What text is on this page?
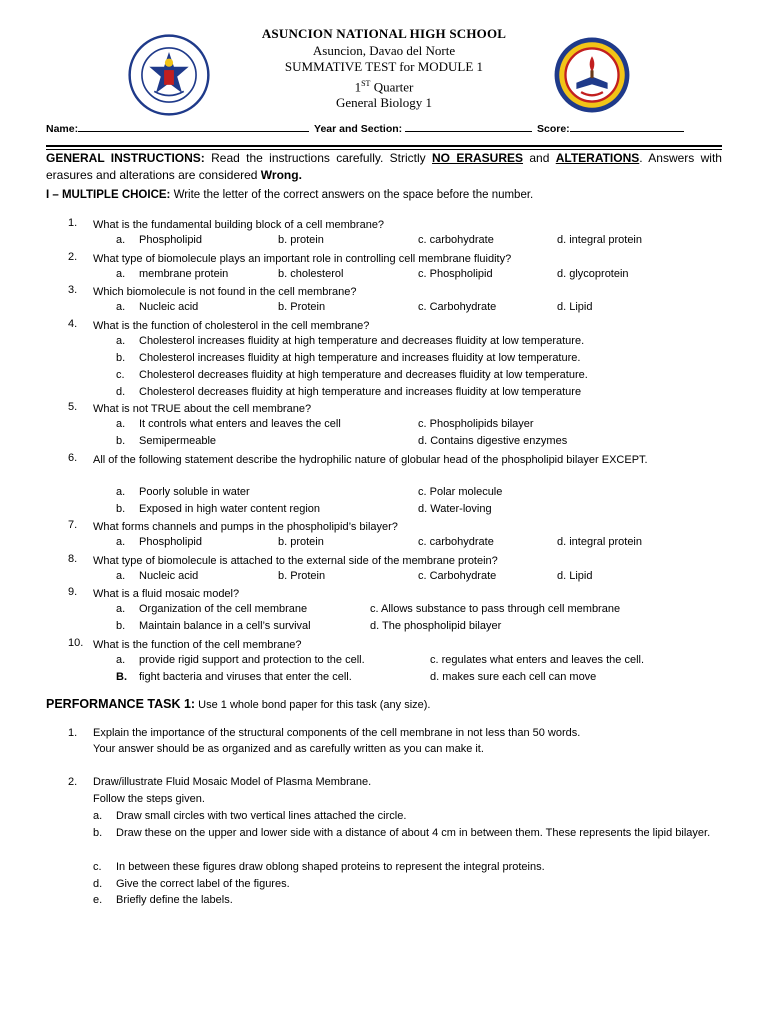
ASUNCION NATIONAL HIGH SCHOOL
Asuncion, Davao del Norte
SUMMATIVE TEST for MODULE 1
1ST Quarter
General Biology 1
Name:	Year and Section:	Score:
GENERAL INSTRUCTIONS: Read the instructions carefully. Strictly NO ERASURES and ALTERATIONS. Answers with erasures and alterations are considered Wrong.
I – MULTIPLE CHOICE: Write the letter of the correct answers on the space before the number.
1.	What is the fundamental building block of a cell membrane?
a. Phospholipid	b. protein	c. carbohydrate	d. integral protein
2.	What type of biomolecule plays an important role in controlling cell membrane fluidity?
a. membrane protein	b. cholesterol	c. Phospholipid	d. glycoprotein
3.	Which biomolecule is not found in the cell membrane?
a. Nucleic acid	b. Protein	c. Carbohydrate	d. Lipid
4.	What is the function of cholesterol in the cell membrane?
a. Cholesterol increases fluidity at high temperature and decreases fluidity at low temperature.
b. Cholesterol increases fluidity at high temperature and increases fluidity at low temperature.
c. Cholesterol decreases fluidity at high temperature and decreases fluidity at low temperature.
d. Cholesterol decreases fluidity at high temperature and increases fluidity at low temperature
5.	What is not TRUE about the cell membrane?
a. It controls what enters and leaves the cell	c. Phospholipids bilayer
b. Semipermeable	d. Contains digestive enzymes
6.	All of the following statement describe the hydrophilic nature of globular head of the phospholipid bilayer EXCEPT.
a. Poorly soluble in water	c. Polar molecule
b. Exposed in high water content region	d. Water-loving
7.	What forms channels and pumps in the phospholipid’s bilayer?
a. Phospholipid	b. protein	c. carbohydrate	d. integral protein
8.	What type of biomolecule is attached to the external side of the membrane protein?
a. Nucleic acid	b. Protein	c. Carbohydrate	d. Lipid
9.	What is a fluid mosaic model?
a. Organization of the cell membrane	c. Allows substance to pass through cell membrane
b. Maintain balance in a cell’s survival	d. The phospholipid bilayer
10. What is the function of the cell membrane?
a. provide rigid support and protection to the cell.	c. regulates what enters and leaves the cell.
B. fight bacteria and viruses that enter the cell.	d. makes sure each cell can move
PERFORMANCE TASK 1: Use 1 whole bond paper for this task (any size).
1. Explain the importance of the structural components of the cell membrane in not less than 50 words.
Your answer should be as organized and as carefully written as you can make it.
2. Draw/illustrate Fluid Mosaic Model of Plasma Membrane.
Follow the steps given.
a. Draw small circles with two vertical lines attached the circle.
b. Draw these on the upper and lower side with a distance of about 4 cm in between them. These represents the lipid bilayer.
c. In between these figures draw oblong shaped proteins to represent the integral proteins.
d. Give the correct label of the figures.
e. Briefly define the labels.
